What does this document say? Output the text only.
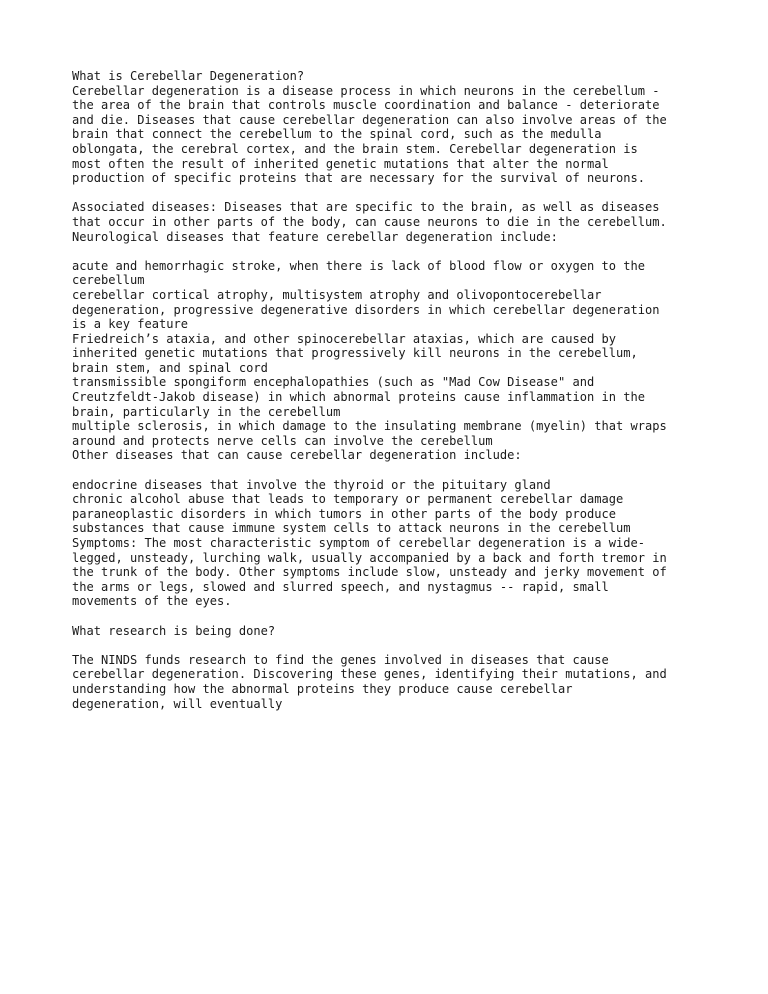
What is Cerebellar Degeneration?
Cerebellar degeneration is a disease process in which neurons in the cerebellum -
the area of the brain that controls muscle coordination and balance - deteriorate
and die. Diseases that cause cerebellar degeneration can also involve areas of the
brain that connect the cerebellum to the spinal cord, such as the medulla
oblongata, the cerebral cortex, and the brain stem. Cerebellar degeneration is
most often the result of inherited genetic mutations that alter the normal
production of specific proteins that are necessary for the survival of neurons.
Associated diseases: Diseases that are specific to the brain, as well as diseases
that occur in other parts of the body, can cause neurons to die in the cerebellum.
Neurological diseases that feature cerebellar degeneration include:
acute and hemorrhagic stroke, when there is lack of blood flow or oxygen to the
cerebellum
cerebellar cortical atrophy, multisystem atrophy and olivopontocerebellar
degeneration, progressive degenerative disorders in which cerebellar degeneration
is a key feature
Friedreich’s ataxia, and other spinocerebellar ataxias, which are caused by
inherited genetic mutations that progressively kill neurons in the cerebellum,
brain stem, and spinal cord
transmissible spongiform encephalopathies (such as "Mad Cow Disease" and
Creutzfeldt-Jakob disease) in which abnormal proteins cause inflammation in the
brain, particularly in the cerebellum
multiple sclerosis, in which damage to the insulating membrane (myelin) that wraps
around and protects nerve cells can involve the cerebellum
Other diseases that can cause cerebellar degeneration include:
endocrine diseases that involve the thyroid or the pituitary gland
chronic alcohol abuse that leads to temporary or permanent cerebellar damage
paraneoplastic disorders in which tumors in other parts of the body produce
substances that cause immune system cells to attack neurons in the cerebellum
Symptoms: The most characteristic symptom of cerebellar degeneration is a wide-
legged, unsteady, lurching walk, usually accompanied by a back and forth tremor in
the trunk of the body. Other symptoms include slow, unsteady and jerky movement of
the arms or legs, slowed and slurred speech, and nystagmus -- rapid, small
movements of the eyes.
What research is being done?
The NINDS funds research to find the genes involved in diseases that cause
cerebellar degeneration. Discovering these genes, identifying their mutations, and
understanding how the abnormal proteins they produce cause cerebellar
degeneration, will eventually
